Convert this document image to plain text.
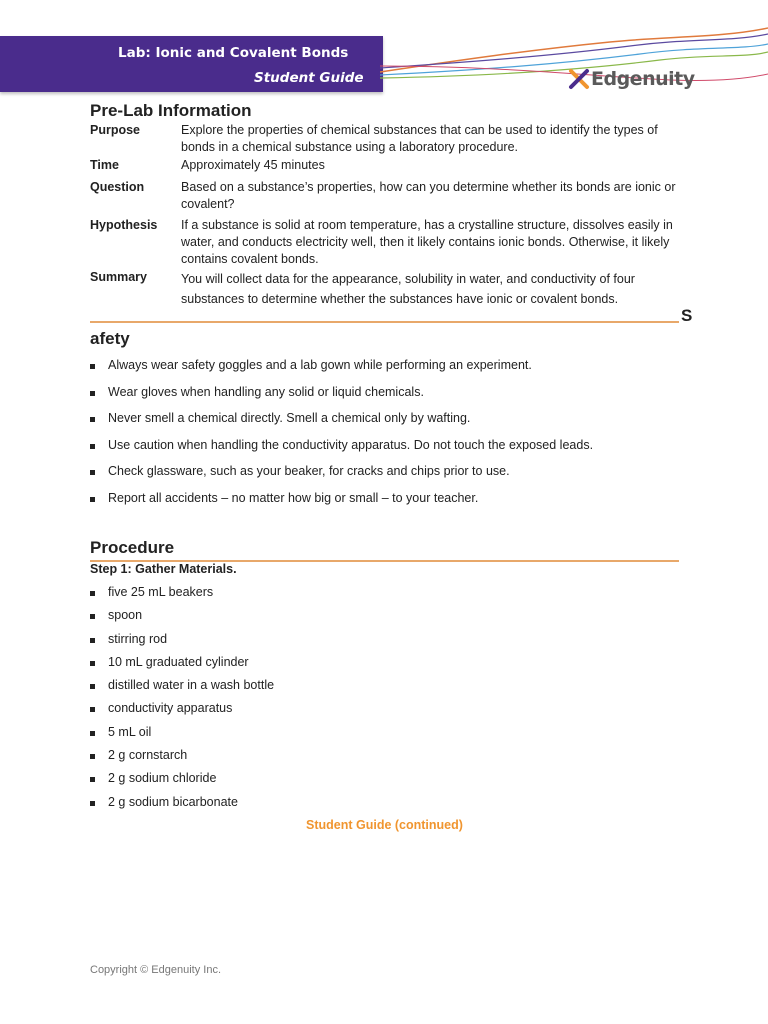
Lab: Ionic and Covalent Bonds
Student Guide	Edgenuity
Pre-Lab Information
Purpose	Explore the properties of chemical substances that can be used to identify the types of bonds in a chemical substance using a laboratory procedure.
Time	Approximately 45 minutes
Question	Based on a substance’s properties, how can you determine whether its bonds are ionic or covalent?
Hypothesis If a substance is solid at room temperature, has a crystalline structure, dissolves easily in water, and conducts electricity well, then it likely contains ionic bonds. Otherwise, it likely contains covalent bonds.
Summary	You will collect data for the appearance, solubility in water, and conductivity of four substances to determine whether the substances have ionic or covalent bonds.
S
afety
Always wear safety goggles and a lab gown while performing an experiment.
Wear gloves when handling any solid or liquid chemicals.
Never smell a chemical directly. Smell a chemical only by wafting.
Use caution when handling the conductivity apparatus. Do not touch the exposed leads.
Check glassware, such as your beaker, for cracks and chips prior to use.
Report all accidents – no matter how big or small – to your teacher.
Procedure
Step 1: Gather Materials.
five 25 mL beakers
spoon
stirring rod
10 mL graduated cylinder
distilled water in a wash bottle
conductivity apparatus
5 mL oil
2 g cornstarch
2 g sodium chloride
2 g sodium bicarbonate
Student Guide (continued)
Copyright © Edgenuity Inc.
